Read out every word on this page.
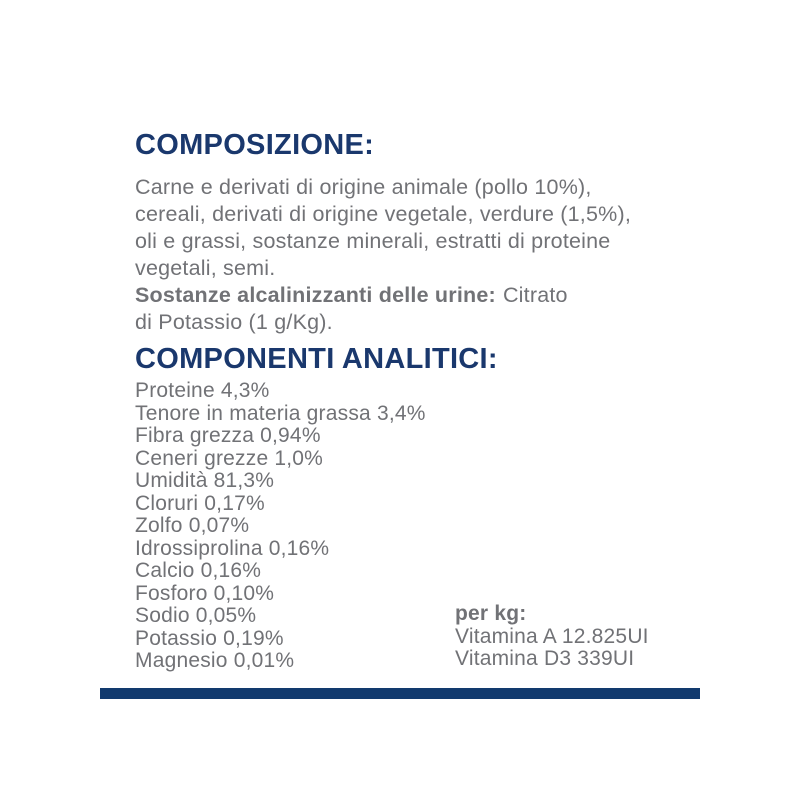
COMPOSIZIONE:
Carne e derivati di origine animale (pollo 10%),
cereali, derivati di origine vegetale, verdure (1,5%),
oli e grassi, sostanze minerali, estratti di proteine
vegetali, semi.
Sostanze alcalinizzanti delle urine: Citrato
di Potassio (1 g/Kg).
COMPONENTI ANALITICI:
Proteine 4,3%
Tenore in materia grassa 3,4%
Fibra grezza 0,94%
Ceneri grezze 1,0%
Umidità 81,3%
Cloruri 0,17%
Zolfo 0,07%
Idrossiprolina 0,16%
Calcio 0,16%
Fosforo 0,10%
Sodio 0,05%
Potassio 0,19%
Magnesio 0,01%
per kg:
Vitamina A 12.825UI
Vitamina D3 339UI
